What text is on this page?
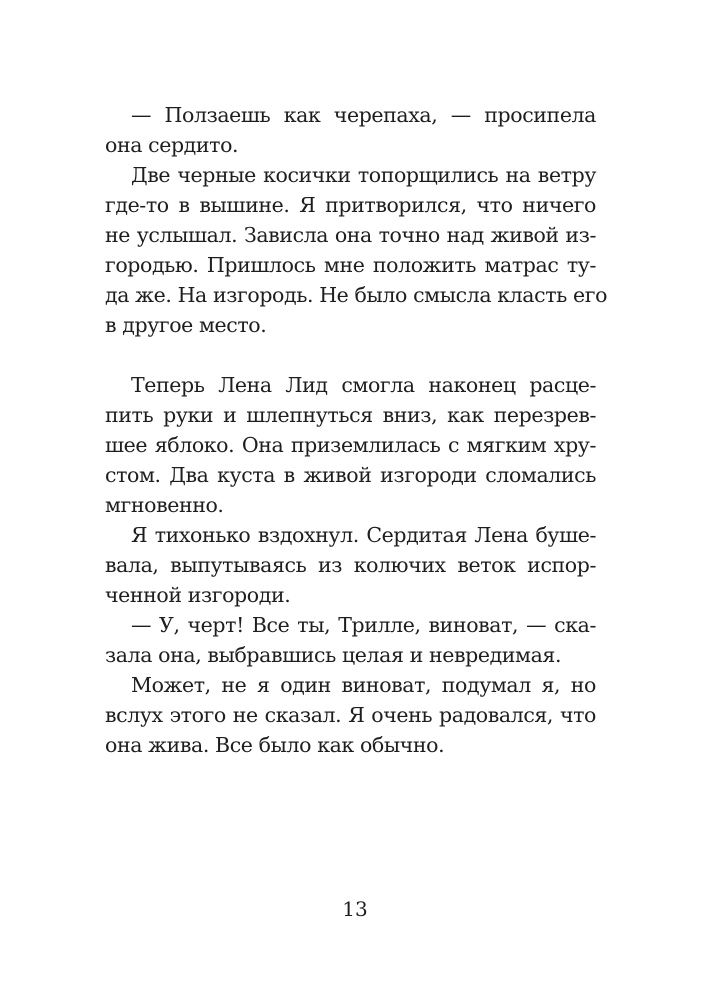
— Ползаешь как черепаха, — просипела
она сердито.
Две черные косички топорщились на ветру
где-то в вышине. Я притворился, что ничего
не услышал. Зависла она точно над живой из-
городью. Пришлось мне положить матрас ту-
да же. На изгородь. Не было смысла класть его
в другое место.
Теперь Лена Лид смогла наконец расце-
пить руки и шлепнуться вниз, как перезрев-
шее яблоко. Она приземлилась с мягким хру-
стом. Два куста в живой изгороди сломались
мгновенно.
Я тихонько вздохнул. Сердитая Лена буше-
вала, выпутываясь из колючих веток испор-
ченной изгороди.
— У, черт! Все ты, Трилле, виноват, — ска-
зала она, выбравшись целая и невредимая.
Может, не я один виноват, подумал я, но
вслух этого не сказал. Я очень радовался, что
она жива. Все было как обычно.
13
